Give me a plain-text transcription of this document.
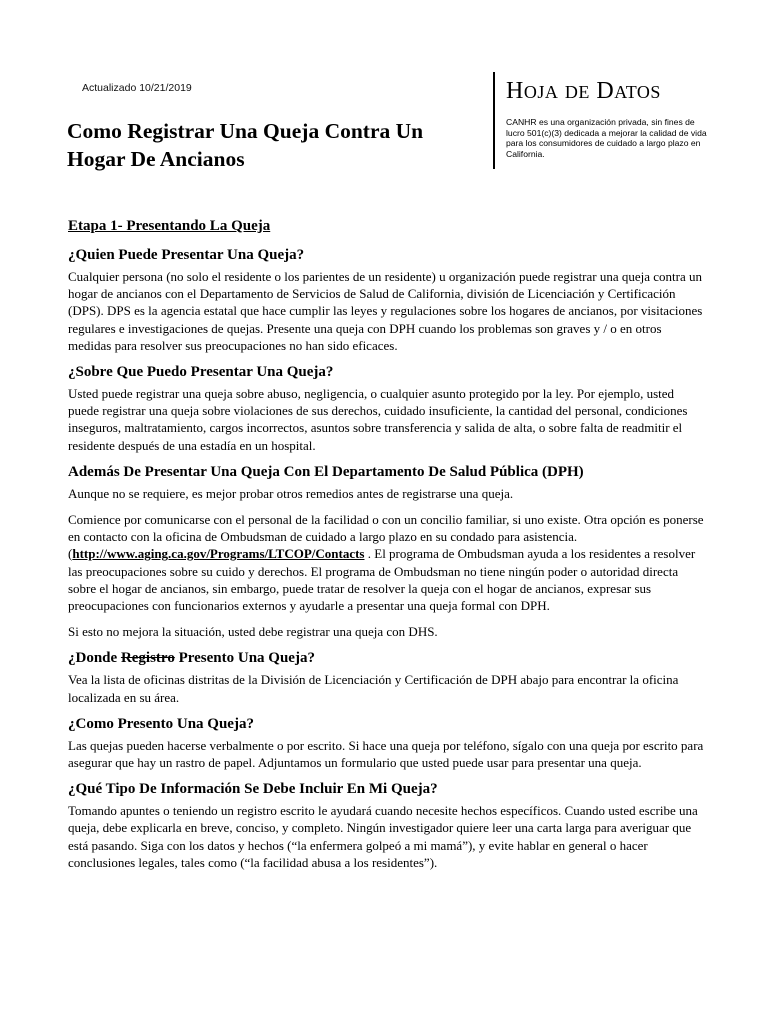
Actualizado 10/21/2019
Como Registrar Una Queja Contra Un
Hogar De Ancianos
HOJA DE DATOS

CANHR es una organización privada, sin fines de lucro 501(c)(3) dedicada a mejorar la calidad de vida para los consumidores de cuidado a largo plazo en California.

Etapa 1- Presentando La Queja
¿Quien Puede Presentar Una Queja?

Cualquier persona (no solo el residente o los parientes de un residente) u organización puede registrar una queja contra un hogar de ancianos con el Departamento de Servicios de Salud de California, división de Licenciación y Certificación (DPS). DPS es la agencia estatal que hace cumplir las leyes y regulaciones sobre los hogares de ancianos, por visitaciones regulares e investigaciones de quejas. Presente una queja con DPH cuando los problemas son graves y / o en otros medidas para resolver sus preocupaciones no han sido eficaces.

¿Sobre Que Puedo Presentar Una Queja?

Usted puede registrar una queja sobre abuso, negligencia, o cualquier asunto protegido por la ley. Por ejemplo, usted puede registrar una queja sobre violaciones de sus derechos, cuidado insuficiente, la cantidad del personal, condiciones inseguros, maltratamiento, cargos incorrectos, asuntos sobre transferencia y salida de alta, o sobre falta de readmitir el residente después de una estadía en un hospital.

Además De Presentar Una Queja Con El Departamento De Salud Pública (DPH)

Aunque no se requiere, es mejor probar otros remedios antes de registrarse una queja.

Comience por comunicarse con el personal de la facilidad o con un concilio familiar, si uno existe. Otra opción es ponerse en contacto con la oficina de Ombudsman de cuidado a largo plazo en su condado para asistencia. (http://www.aging.ca.gov/Programs/LTCOP/Contacts . El programa de Ombudsman ayuda a los residentes a resolver las preocupaciones sobre su cuido y derechos. El programa de Ombudsman no tiene ningún poder o autoridad directa sobre el hogar de ancianos, sin embargo, puede tratar de resolver la queja con el hogar de ancianos, expresar sus preocupaciones con funcionarios externos y ayudarle a presentar una queja formal con DPH.

Si esto no mejora la situación, usted debe registrar una queja con DHS.

¿Donde Registro Presento Una Queja?

Vea la lista de oficinas distritas de la División de Licenciación y Certificación de DPH abajo para encontrar la oficina localizada en su área.

¿Como Presento Una Queja?

Las quejas pueden hacerse verbalmente o por escrito. Si hace una queja por teléfono, sígalo con una queja por escrito para asegurar que hay un rastro de papel. Adjuntamos un formulario que usted puede usar para presentar una queja.

¿Qué Tipo De Información Se Debe Incluir En Mi Queja?

Tomando apuntes o teniendo un registro escrito le ayudará cuando necesite hechos específicos. Cuando usted escribe una queja, debe explicarla en breve, conciso, y completo. Ningún investigador quiere leer una carta larga para averiguar que está pasando. Siga con los datos y hechos (“la enfermera golpeó a mi mamá”), y evite hablar en general o hacer conclusiones legales, tales como (“la facilidad abusa a los residentes”).
